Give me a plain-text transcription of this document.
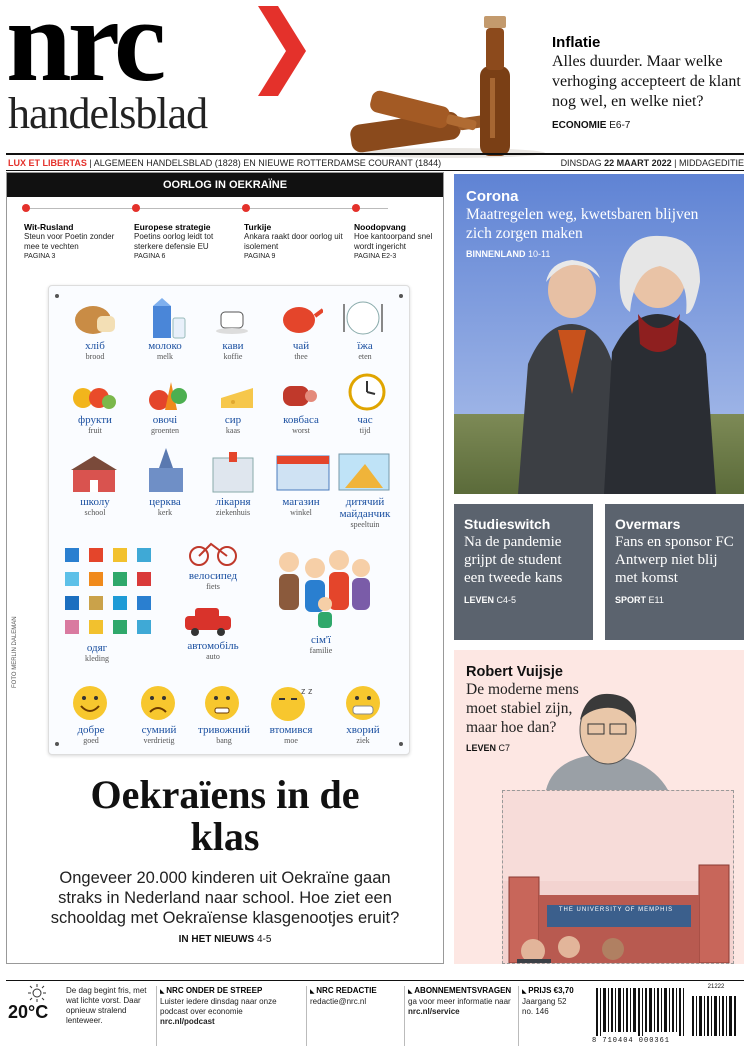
nrc
handelsblad
Inflatie
Alles duurder. Maar welke verhoging accepteert de klant nog wel, en welke niet?
ECONOMIE E6-7
LUX ET LIBERTAS | ALGEMEEN HANDELSBLAD (1828) EN NIEUWE ROTTERDAMSE COURANT (1844)	DINSDAG 22 MAART 2022 | MIDDAGEDITIE
OORLOG IN OEKRAÏNE
Wit-Rusland
Steun voor Poetin zonder mee te vechten
PAGINA 3
Europese strategie
Poetins oorlog leidt tot sterkere defensie EU
PAGINA 6
Turkije
Ankara raakt door oorlog uit isolement
PAGINA 9
Noodopvang
Hoe kantoorpand snel wordt ingericht
PAGINA E2-3
хліб
brood
молоко
melk
кави
koffie
чай
thee
їжа
eten
фрукти
fruit
овочі
groenten
сир
kaas
ковбаса
worst
час
tijd
школу
school
церква
kerk
лікарня
ziekenhuis
магазин
winkel
дитячий майданчик
speeltuin
велосипед
fiets
одяг
kleding
автомобіль
auto
сім'ї
familie
z z
добре
goed
сумний
verdrietig
тривожний
bang
втомився
moe
хворий
ziek
FOTO MERLIN DALEMAN
Oekraïens in de klas
Ongeveer 20.000 kinderen uit Oekraïne gaan straks in Nederland naar school. Hoe ziet een schooldag met Oekraïense klasgenootjes eruit?
IN HET NIEUWS 4-5
Corona
Maatregelen weg, kwetsbaren blijven zich zorgen maken
BINNENLAND 10-11
Studieswitch
Na de pandemie grijpt de student een tweede kans
LEVEN C4-5
Overmars
Fans en sponsor FC Antwerp niet blij met komst
SPORT E11
Robert Vuijsje
De moderne mens moet stabiel zijn, maar hoe dan?
LEVEN C7
THE UNIVERSITY OF MEMPHIS
20°C
De dag begint fris, met wat lichte vorst. Daar opnieuw stralend lenteweer.
◣ NRC ONDER DE STREEP
Luister iedere dinsdag naar onze podcast over economie
nrc.nl/podcast
◣ NRC REDACTIE
redactie@nrc.nl
◣ ABONNEMENTSVRAGEN
ga voor meer informatie naar
nrc.nl/service
◣ PRIJS €3,70
Jaargang 52
no. 146
21222
8 710404 000361
